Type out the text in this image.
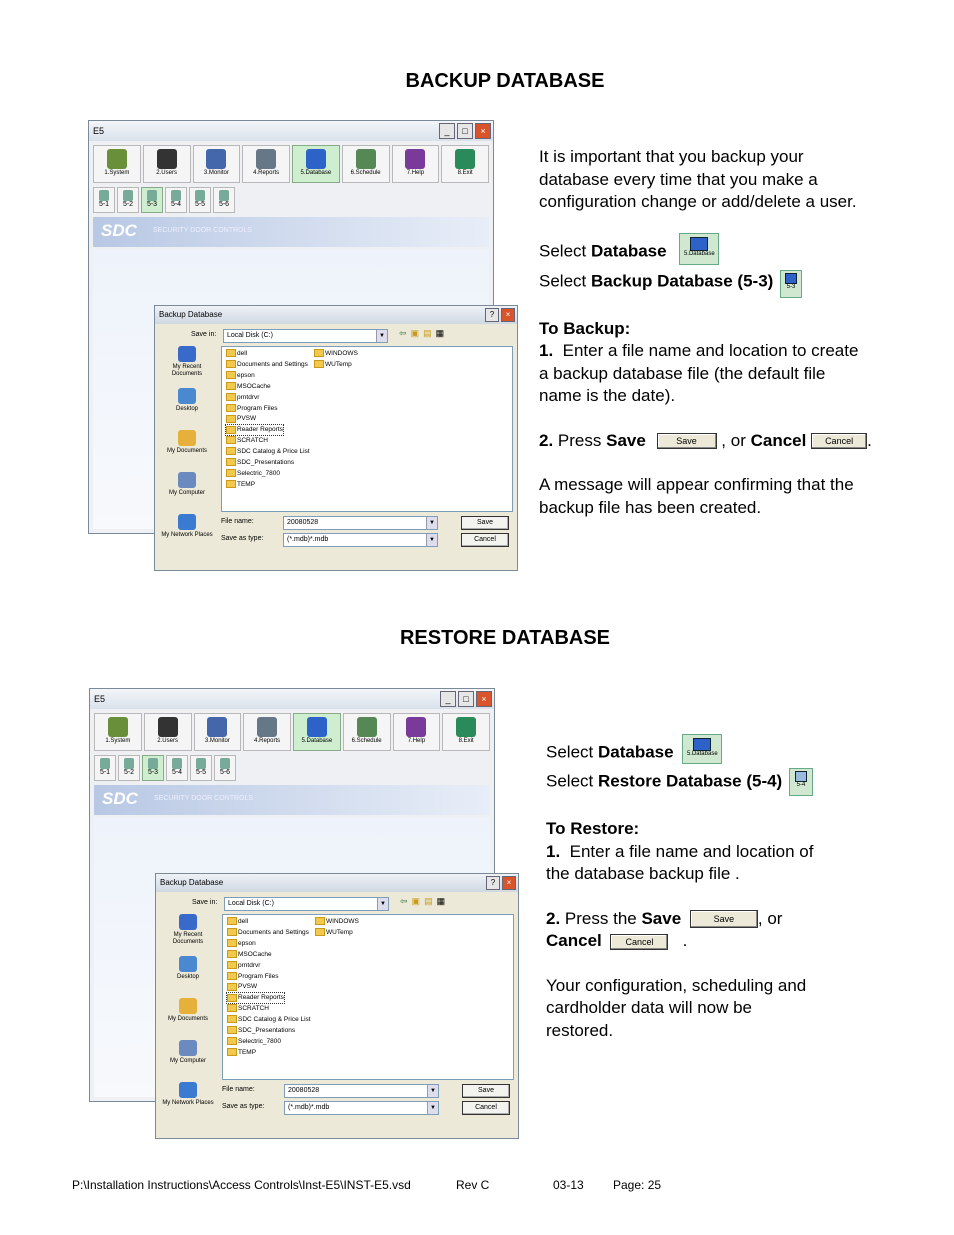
BACKUP DATABASE
E5	_	□	×
1.System	2.Users	3.Monitor	4.Reports	5.Database	6.Schedule	7.Help	8.Exit
5-1	5-2	5-3	5-4	5-5	5-6
SDC SECURITY DOOR CONTROLS
Backup Database	?	×
Save in:	Local Disk (C:)	▼ ⇦ ▣ ▤ ▦
My Recent Documents
Desktop
My Documents
My Computer
My Network Places
dell
Documents and Settings
epson
MSOCache
prntdrvr
Program Files
PVSW
Reader Reports
SCRATCH
SDC Catalog & Price List
SDC_Presentations
Selectric_7800
TEMP
WINDOWS
WUTemp
File name:	20080528	▼
Save as type:	(*.mdb)*.mdb	▼
Save
Cancel

It is important that you backup your

database every time that you make a

configuration change or add/delete a user.

Select Database	5.Database

Select Backup Database (5-3)	5-3

To Backup:

1. Enter a file name and location to create

a backup database file (the default file

name is the date).

2. Press Save	Save , or Cancel Cancel .

A message will appear confirming that the

backup file has been created.

RESTORE DATABASE
E5	_	□	×
1.System	2.Users	3.Monitor	4.Reports	5.Database	6.Schedule	7.Help	8.Exit
5-1	5-2	5-3	5-4	5-5	5-6
SDC SECURITY DOOR CONTROLS
Backup Database	?	×
Save in:	Local Disk (C:)	▼ ⇦ ▣ ▤ ▦
My Recent Documents
Desktop
My Documents
My Computer
My Network Places
dell
Documents and Settings
epson
MSOCache
prntdrvr
Program Files
PVSW
Reader Reports
SCRATCH
SDC Catalog & Price List
SDC_Presentations
Selectric_7800
TEMP
WINDOWS
WUTemp
File name:	20080528	▼
Save as type:	(*.mdb)*.mdb	▼
Save
Cancel

Select Database	5.Database

Select Restore Database (5-4)	5-4

To Restore:

1. Enter a file name and location of

the database backup file .

2. Press the Save	Save , or

Cancel	Cancel .

Your configuration, scheduling and

cardholder data will now be

restored.

P:\Installation Instructions\Access Controls\Inst-E5\INST-E5.vsd	Rev C	03-13 Page: 25
